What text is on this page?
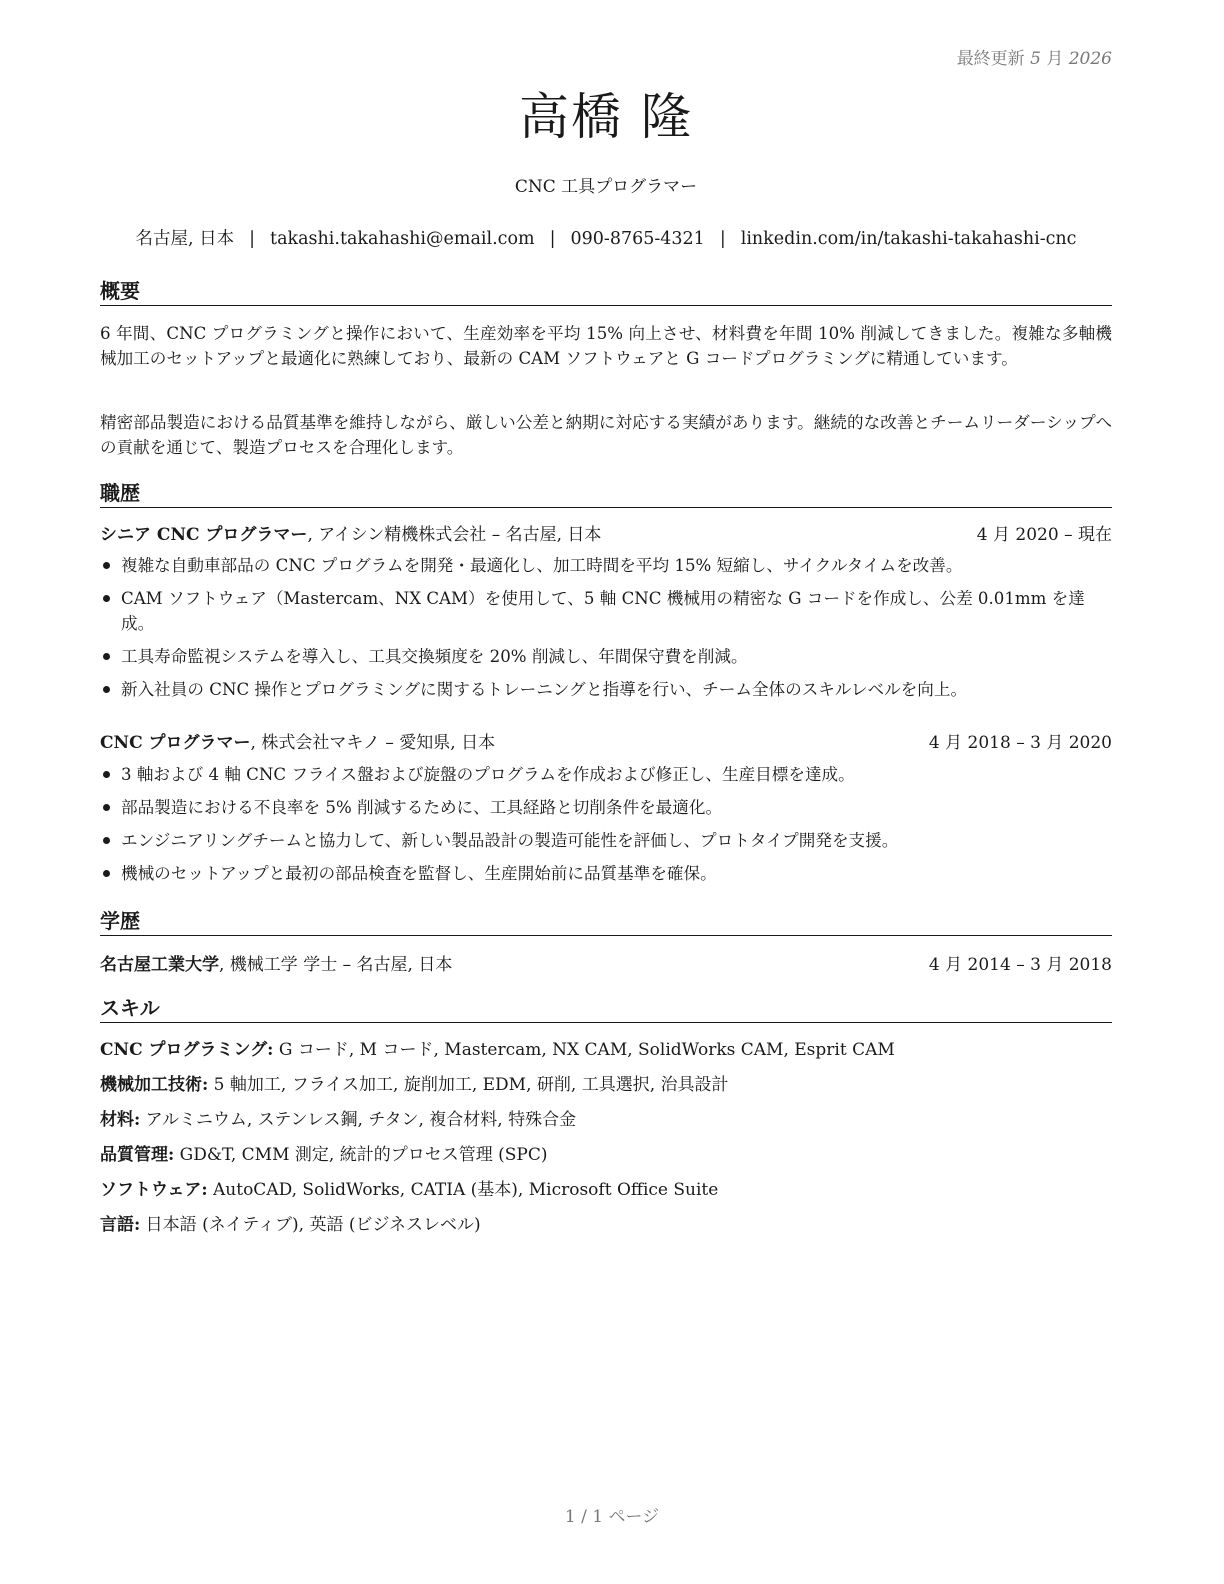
最終更新 5 月 2026
高橋 隆
CNC 工具プログラマー
名古屋, 日本 | takashi.takahashi@email.com | 090-8765-4321 | linkedin.com/in/takashi-takahashi-cnc
概要
6 年間、CNC プログラミングと操作において、生産効率を平均 15% 向上させ、材料費を年間 10% 削減してきました。複雑な多軸機械加工のセットアップと最適化に熟練しており、最新の CAM ソフトウェアと G コードプログラミングに精通しています。
精密部品製造における品質基準を維持しながら、厳しい公差と納期に対応する実績があります。継続的な改善とチームリーダーシップへの貢献を通じて、製造プロセスを合理化します。
職歴
シニア CNC プログラマー, アイシン精機株式会社 – 名古屋, 日本	4 月 2020 – 現在
複雑な自動車部品の CNC プログラムを開発・最適化し、加工時間を平均 15% 短縮し、サイクルタイムを改善。
CAM ソフトウェア（Mastercam、NX CAM）を使用して、5 軸 CNC 機械用の精密な G コードを作成し、公差 0.01mm を達成。
工具寿命監視システムを導入し、工具交換頻度を 20% 削減し、年間保守費を削減。
新入社員の CNC 操作とプログラミングに関するトレーニングと指導を行い、チーム全体のスキルレベルを向上。
CNC プログラマー, 株式会社マキノ – 愛知県, 日本	4 月 2018 – 3 月 2020
3 軸および 4 軸 CNC フライス盤および旋盤のプログラムを作成および修正し、生産目標を達成。
部品製造における不良率を 5% 削減するために、工具経路と切削条件を最適化。
エンジニアリングチームと協力して、新しい製品設計の製造可能性を評価し、プロトタイプ開発を支援。
機械のセットアップと最初の部品検査を監督し、生産開始前に品質基準を確保。
学歴
名古屋工業大学, 機械工学 学士 – 名古屋, 日本	4 月 2014 – 3 月 2018
スキル
CNC プログラミング: G コード, M コード, Mastercam, NX CAM, SolidWorks CAM, Esprit CAM
機械加工技術: 5 軸加工, フライス加工, 旋削加工, EDM, 研削, 工具選択, 治具設計
材料: アルミニウム, ステンレス鋼, チタン, 複合材料, 特殊合金
品質管理: GD&T, CMM 測定, 統計的プロセス管理 (SPC)
ソフトウェア: AutoCAD, SolidWorks, CATIA (基本), Microsoft Office Suite
言語: 日本語 (ネイティブ), 英語 (ビジネスレベル)
1 / 1 ページ
